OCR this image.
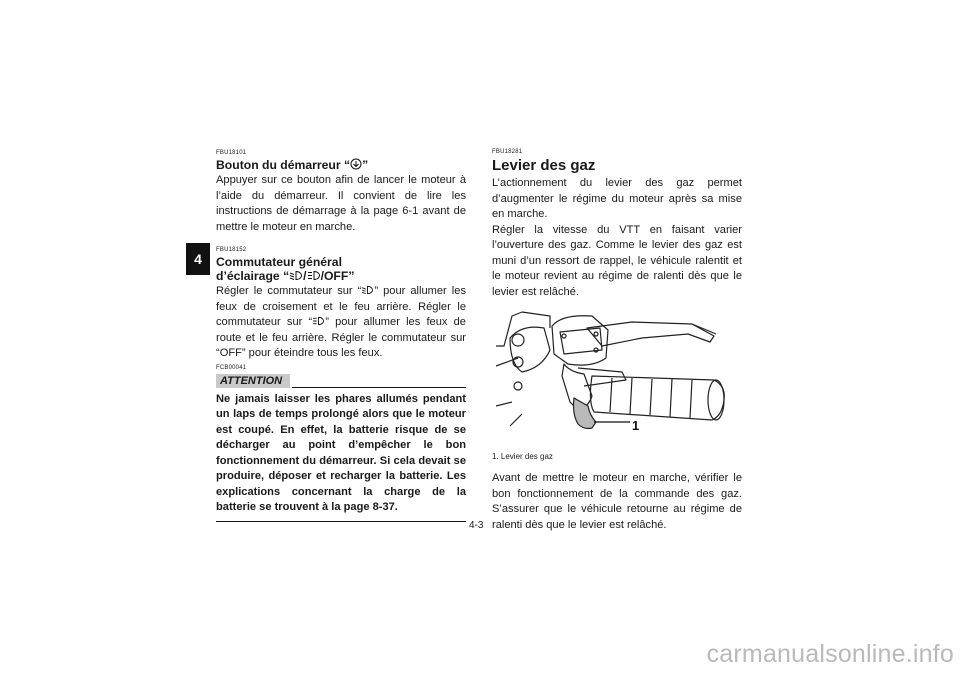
4

FBU18101

Bouton du démarreur “ ”

Appuyer sur ce bouton afin de lancer le moteur à l’aide du démarreur. Il convient de lire les instructions de démarrage à la page 6-1 avant de mettre le moteur en marche.

FBU18152

Commutateur général

d’éclairage “ / /OFF”

Régler le commutateur sur “ ” pour allumer les feux de croisement et le feu arrière. Régler le commutateur sur “ ” pour allumer les feux de route et le feu arrière. Régler le commutateur sur “OFF” pour éteindre tous les feux.

FCB00041

ATTENTION

Ne jamais laisser les phares allumés pendant un laps de temps prolongé alors que le moteur est coupé. En effet, la batterie risque de se décharger au point d’empêcher le bon fonctionnement du démarreur. Si cela devait se produire, déposer et recharger la batterie. Les explications concernant la charge de la batterie se trouvent à la page 8-37.

FBU18281

Levier des gaz

L’actionnement du levier des gaz permet d’augmenter le régime du moteur après sa mise en marche.

Régler la vitesse du VTT en faisant varier l’ouverture des gaz. Comme le levier des gaz est muni d’un ressort de rappel, le véhicule ralentit et le moteur revient au régime de ralenti dès que le levier est relâché.

1

1. Levier des gaz

Avant de mettre le moteur en marche, vérifier le bon fonctionnement de la commande des gaz. S’assurer que le véhicule retourne au régime de ralenti dès que le levier est relâché.

4-3
carmanualsonline.info
